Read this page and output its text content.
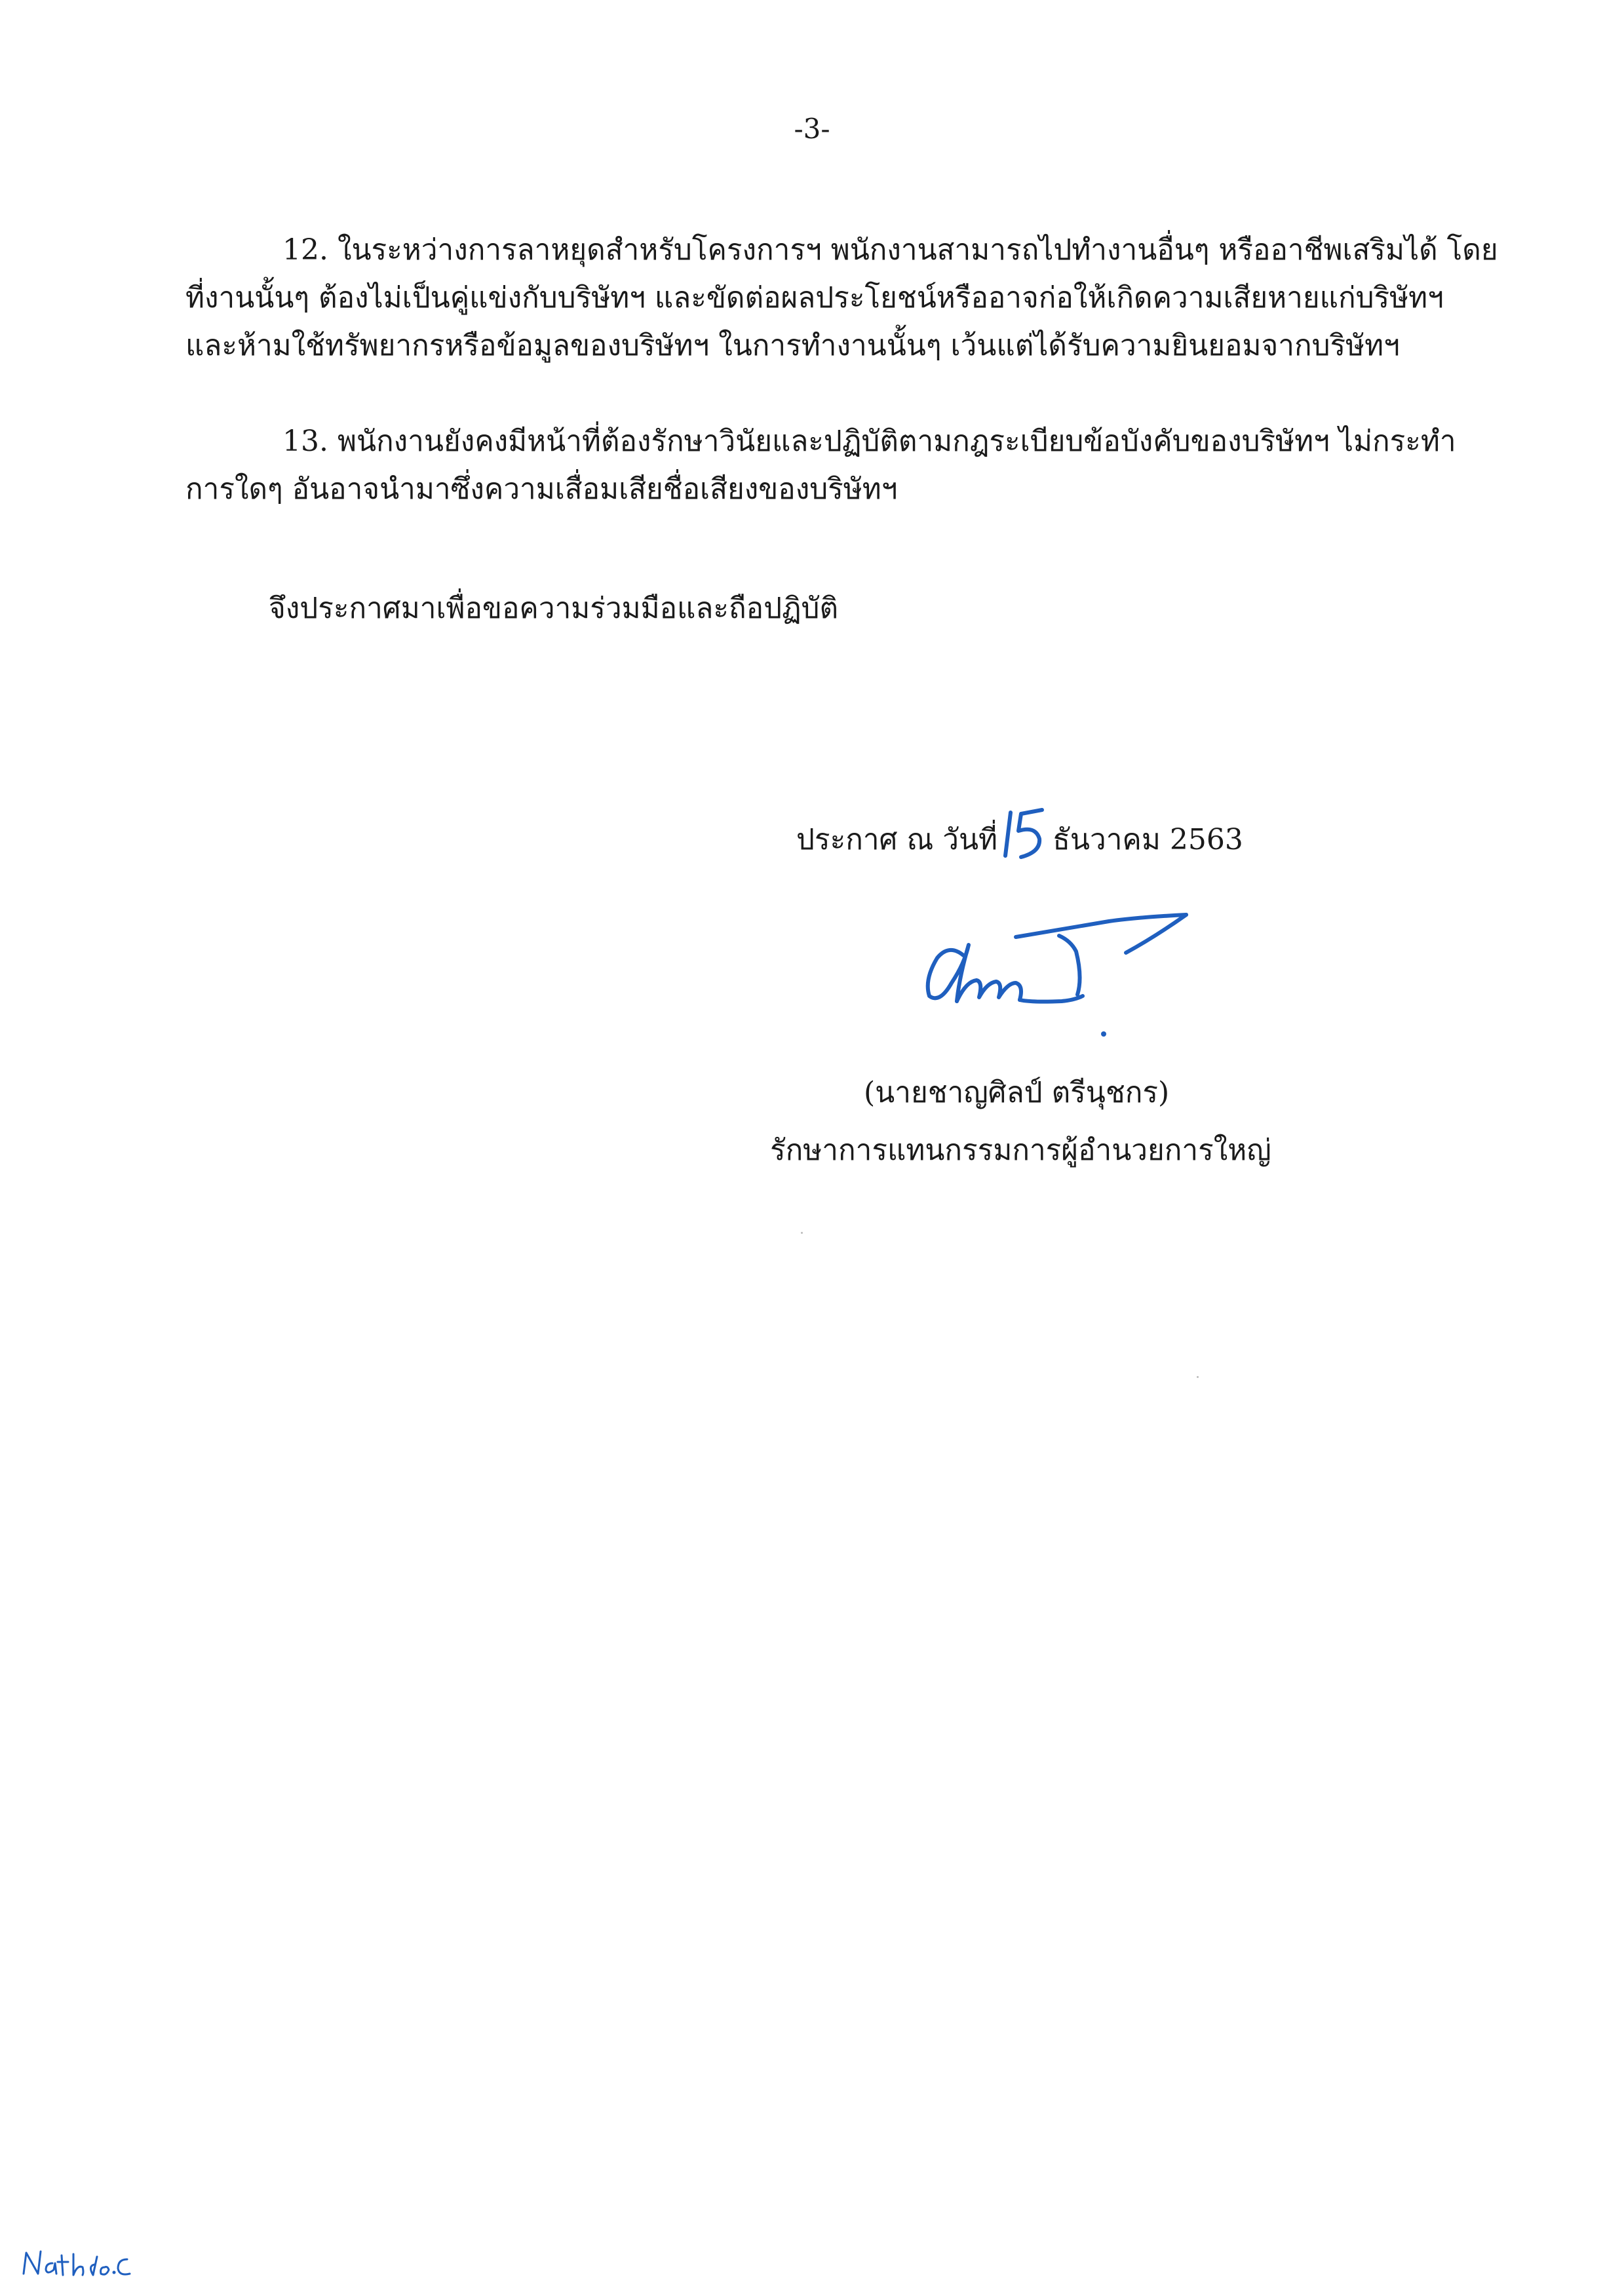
-3-

12. ในระหว่างการลาหยุดสำหรับโครงการฯ พนักงานสามารถไปทำงานอื่นๆ หรืออาชีพเสริมได้ โดย
ที่งานนั้นๆ ต้องไม่เป็นคู่แข่งกับบริษัทฯ และขัดต่อผลประโยชน์หรืออาจก่อให้เกิดความเสียหายแก่บริษัทฯ
และห้ามใช้ทรัพยากรหรือข้อมูลของบริษัทฯ ในการทำงานนั้นๆ เว้นแต่ได้รับความยินยอมจากบริษัทฯ

13. พนักงานยังคงมีหน้าที่ต้องรักษาวินัยและปฏิบัติตามกฎระเบียบข้อบังคับของบริษัทฯ ไม่กระทำ
การใดๆ อันอาจนำมาซึ่งความเสื่อมเสียชื่อเสียงของบริษัทฯ

จึงประกาศมาเพื่อขอความร่วมมือและถือปฏิบัติ
ประกาศ ณ วันที่ ธันวาคม 2563
(นายชาญศิลป์ ตรีนุชกร)
รักษาการแทนกรรมการผู้อำนวยการใหญ่
